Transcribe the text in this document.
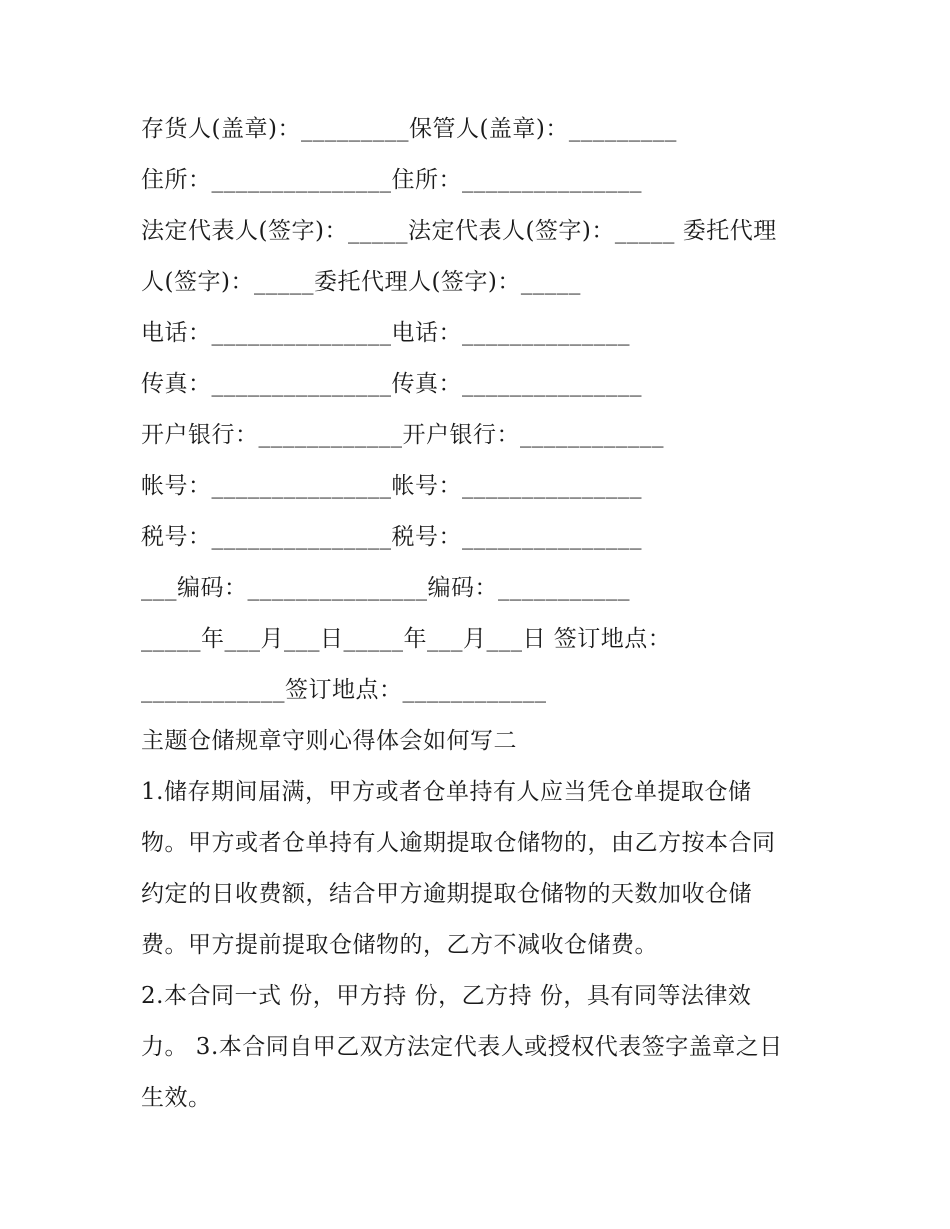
存货人(盖章)：_________保管人(盖章)：_________
住所：_______________住所：_______________
法定代表人(签字)：_____法定代表人(签字)：_____ 委托代理
人(签字)：_____委托代理人(签字)：_____
电话：_______________电话：______________
传真：_______________传真：_______________
开户银行：____________开户银行：____________
帐号：_______________帐号：_______________
税号：_______________税号：_______________
___编码：_______________编码：___________
_____年___月___日_____年___月___日 签订地点：
____________签订地点：____________
主题仓储规章守则心得体会如何写二
1.储存期间届满，甲方或者仓单持有人应当凭仓单提取仓储
物。甲方或者仓单持有人逾期提取仓储物的，由乙方按本合同
约定的日收费额，结合甲方逾期提取仓储物的天数加收仓储
费。甲方提前提取仓储物的，乙方不减收仓储费。
2.本合同一式 份，甲方持 份，乙方持 份，具有同等法律效
力。 3.本合同自甲乙双方法定代表人或授权代表签字盖章之日
生效。
